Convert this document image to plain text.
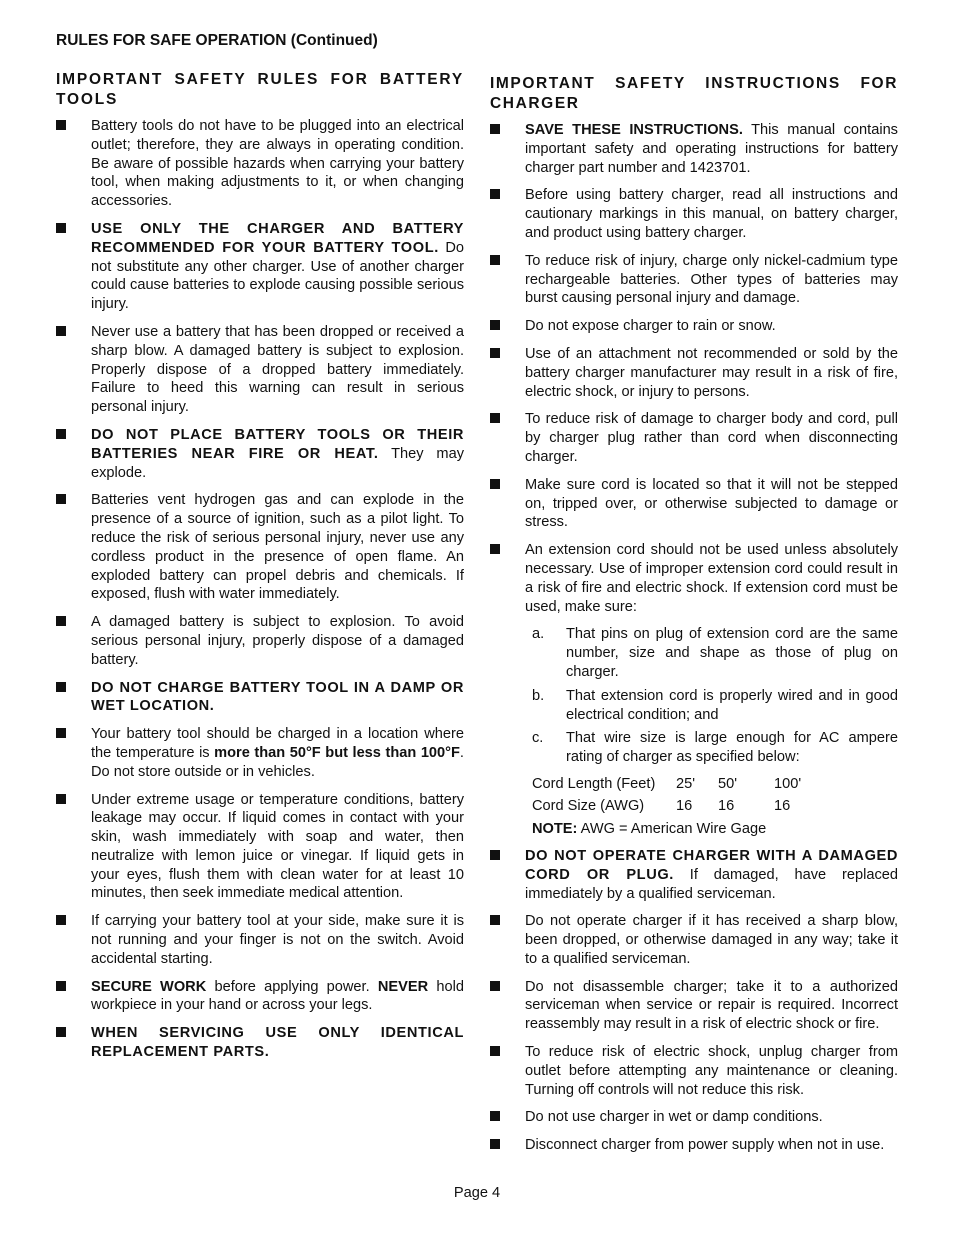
RULES FOR SAFE OPERATION (Continued)
IMPORTANT SAFETY RULES FOR BATTERY TOOLS
Battery tools do not have to be plugged into an electrical outlet; therefore, they are always in operating condition. Be aware of possible hazards when carrying your battery tool, when making adjustments to it, or when changing accessories.
USE ONLY THE CHARGER AND BATTERY RECOMMENDED FOR YOUR BATTERY TOOL. Do not substitute any other charger. Use of another charger could cause batteries to explode causing possible serious injury.
Never use a battery that has been dropped or received a sharp blow. A damaged battery is subject to explosion. Properly dispose of a dropped battery immediately. Failure to heed this warning can result in serious personal injury.
DO NOT PLACE BATTERY TOOLS OR THEIR BATTERIES NEAR FIRE OR HEAT. They may explode.
Batteries vent hydrogen gas and can explode in the presence of a source of ignition, such as a pilot light. To reduce the risk of serious personal injury, never use any cordless product in the presence of open flame. An exploded battery can propel debris and chemicals. If exposed, flush with water immediately.
A damaged battery is subject to explosion. To avoid serious personal injury, properly dispose of a damaged battery.
DO NOT CHARGE BATTERY TOOL IN A DAMP OR WET LOCATION.
Your battery tool should be charged in a location where the temperature is more than 50°F but less than 100°F. Do not store outside or in vehicles.
Under extreme usage or temperature conditions, battery leakage may occur. If liquid comes in contact with your skin, wash immediately with soap and water, then neutralize with lemon juice or vinegar. If liquid gets in your eyes, flush them with clean water for at least 10 minutes, then seek immediate medical attention.
If carrying your battery tool at your side, make sure it is not running and your finger is not on the switch. Avoid accidental starting.
SECURE WORK before applying power. NEVER hold workpiece in your hand or across your legs.
WHEN SERVICING USE ONLY IDENTICAL REPLACEMENT PARTS.
IMPORTANT SAFETY INSTRUCTIONS FOR CHARGER
SAVE THESE INSTRUCTIONS. This manual contains important safety and operating instructions for battery charger part number and 1423701.
Before using battery charger, read all instructions and cautionary markings in this manual, on battery charger, and product using battery charger.
To reduce risk of injury, charge only nickel-cadmium type rechargeable batteries. Other types of batteries may burst causing personal injury and damage.
Do not expose charger to rain or snow.
Use of an attachment not recommended or sold by the battery charger manufacturer may result in a risk of fire, electric shock, or injury to persons.
To reduce risk of damage to charger body and cord, pull by charger plug rather than cord when disconnecting charger.
Make sure cord is located so that it will not be stepped on, tripped over, or otherwise subjected to damage or stress.
An extension cord should not be used unless absolutely necessary. Use of improper extension cord could result in a risk of fire and electric shock. If extension cord must be used, make sure:
a.	That pins on plug of extension cord are the same number, size and shape as those of plug on charger.
b.	That extension cord is properly wired and in good electrical condition; and
c.	That wire size is large enough for AC ampere rating of charger as specified below:
Cord Length (Feet) 25' 50'	100'
Cord Size (AWG) 16 16	16
NOTE: AWG = American Wire Gage
DO NOT OPERATE CHARGER WITH A DAMAGED CORD OR PLUG. If damaged, have replaced immediately by a qualified serviceman.
Do not operate charger if it has received a sharp blow, been dropped, or otherwise damaged in any way; take it to a qualified serviceman.
Do not disassemble charger; take it to a authorized serviceman when service or repair is required. Incorrect reassembly may result in a risk of electric shock or fire.
To reduce risk of electric shock, unplug charger from outlet before attempting any maintenance or cleaning. Turning off controls will not reduce this risk.
Do not use charger in wet or damp conditions.
Disconnect charger from power supply when not in use.
Page 4
